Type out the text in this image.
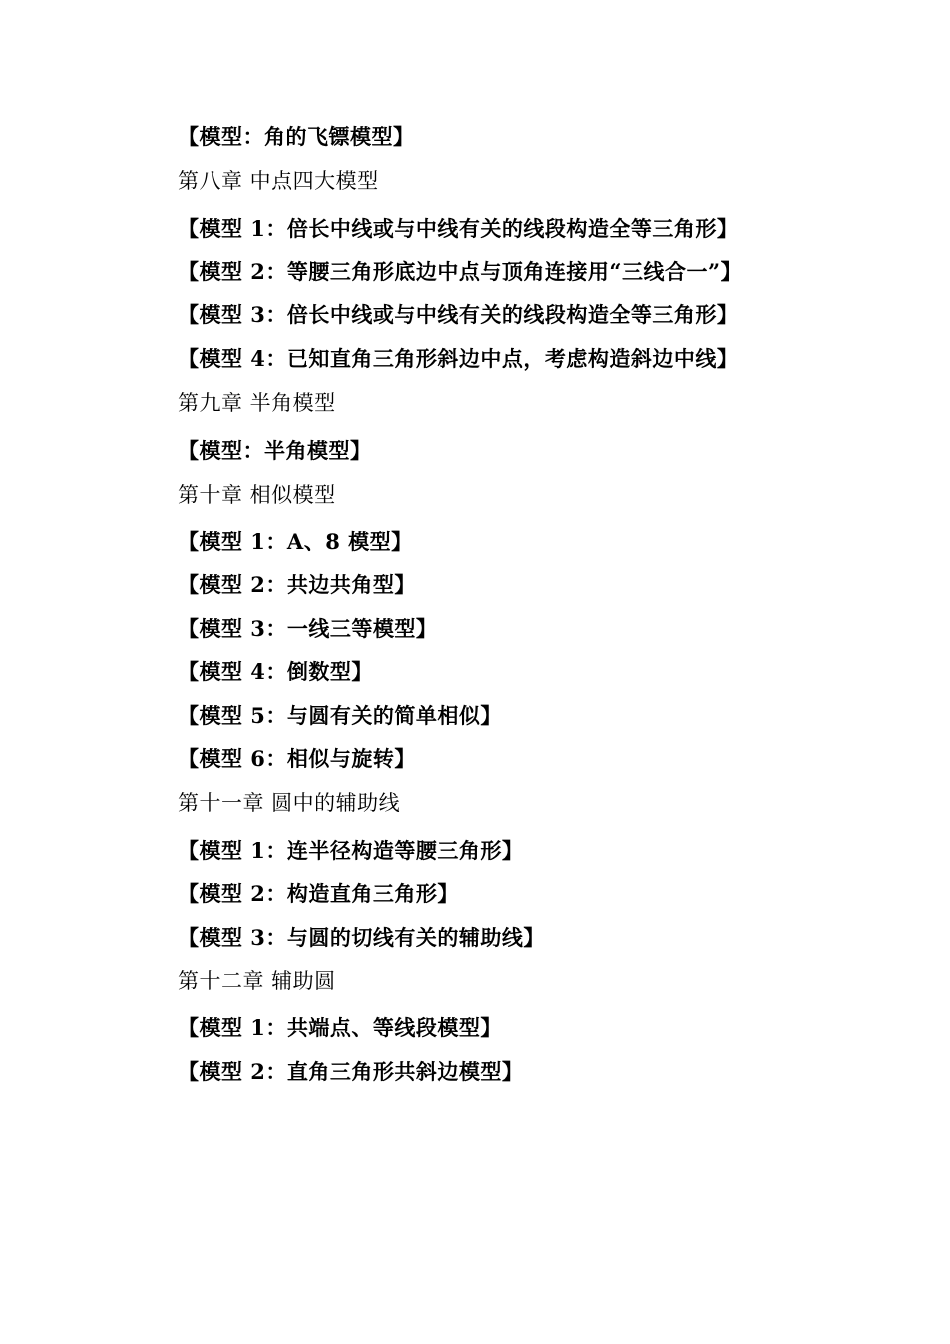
【模型：角的飞镖模型】
第八章 中点四大模型
【模型 1：倍长中线或与中线有关的线段构造全等三角形】
【模型 2：等腰三角形底边中点与顶角连接用“三线合一”】
【模型 3：倍长中线或与中线有关的线段构造全等三角形】
【模型 4：已知直角三角形斜边中点，考虑构造斜边中线】
第九章 半角模型
【模型：半角模型】
第十章 相似模型
【模型 1：A、8 模型】
【模型 2：共边共角型】
【模型 3：一线三等模型】
【模型 4：倒数型】
【模型 5：与圆有关的简单相似】
【模型 6：相似与旋转】
第十一章 圆中的辅助线
【模型 1：连半径构造等腰三角形】
【模型 2：构造直角三角形】
【模型 3：与圆的切线有关的辅助线】
第十二章 辅助圆
【模型 1：共端点、等线段模型】
【模型 2：直角三角形共斜边模型】
